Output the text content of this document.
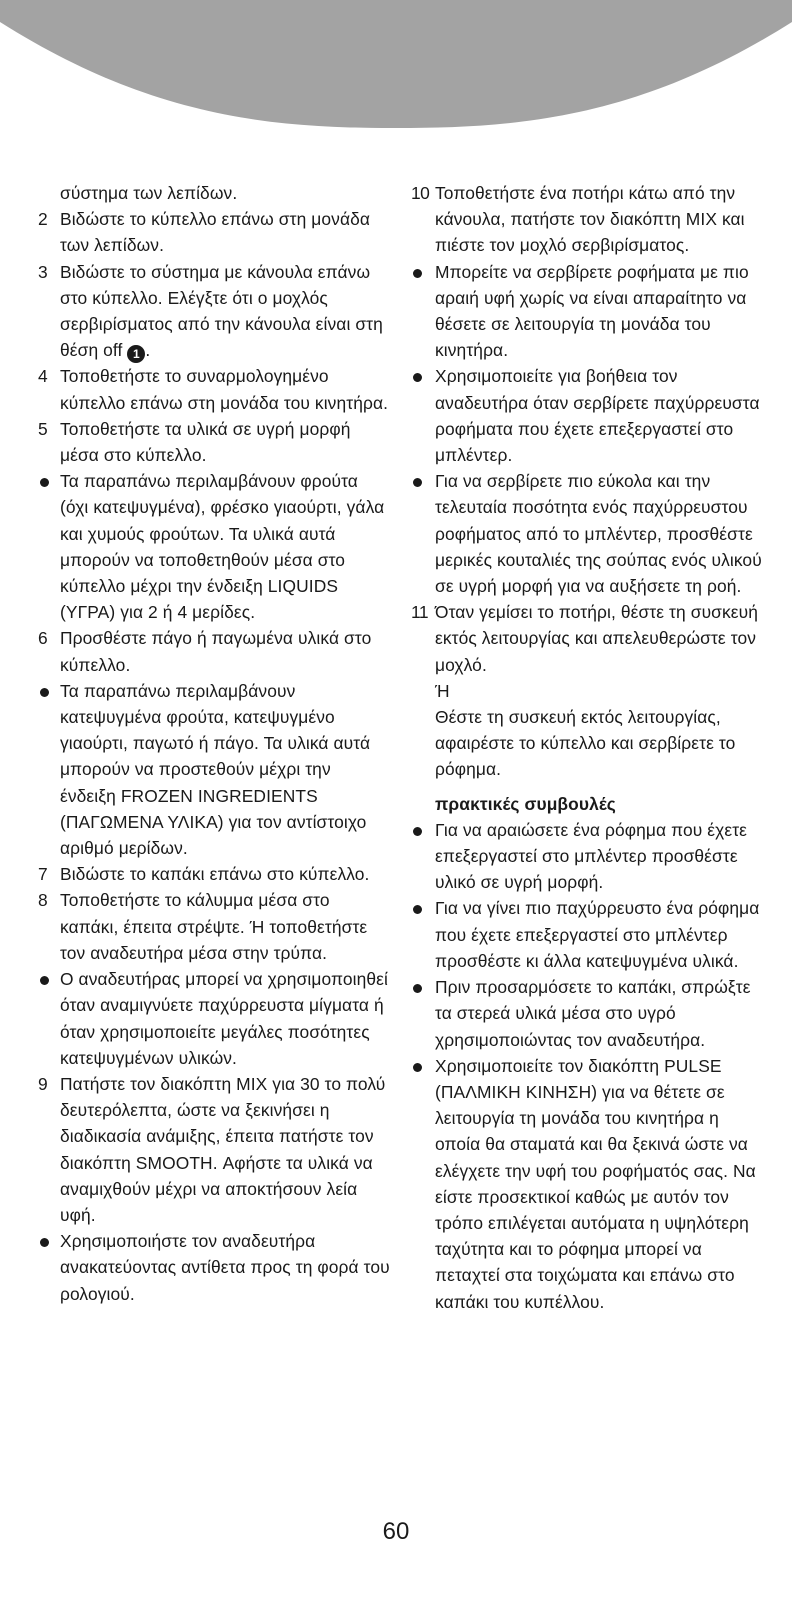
σύστημα των λεπίδων.
2 Βιδώστε το κύπελλο επάνω στη μονάδα των λεπίδων.
3 Βιδώστε το σύστημα με κάνουλα επάνω στο κύπελλο. Ελέγξτε ότι ο μοχλός σερβιρίσματος από την κάνουλα είναι στη θέση off 1 .
4 Τοποθετήστε το συναρμολογημένο κύπελλο επάνω στη μονάδα του κινητήρα.
5 Τοποθετήστε τα υλικά σε υγρή μορφή μέσα στο κύπελλο.
Τα παραπάνω περιλαμβάνουν φρούτα (όχι κατεψυγμένα), φρέσκο γιαούρτι, γάλα και χυμούς φρούτων. Τα υλικά αυτά μπορούν να τοποθετηθούν μέσα στο κύπελλο μέχρι την ένδειξη LIQUIDS (ΥΓΡΑ) για 2 ή 4 μερίδες.
6 Προσθέστε πάγο ή παγωμένα υλικά στο κύπελλο.
Τα παραπάνω περιλαμβάνουν κατεψυγμένα φρούτα, κατεψυγμένο γιαούρτι, παγωτό ή πάγο. Τα υλικά αυτά μπορούν να προστεθούν μέχρι την ένδειξη FROZEN INGREDIENTS (ΠΑΓΩΜΕΝΑ ΥΛΙΚΑ) για τον αντίστοιχο αριθμό μερίδων.
7 Βιδώστε το καπάκι επάνω στο κύπελλο.
8 Τοποθετήστε το κάλυμμα μέσα στο καπάκι, έπειτα στρέψτε. Ή τοποθετήστε τον αναδευτήρα μέσα στην τρύπα.
Ο αναδευτήρας μπορεί να χρησιμοποιηθεί όταν αναμιγνύετε παχύρρευστα μίγματα ή όταν χρησιμοποιείτε μεγάλες ποσότητες κατεψυγμένων υλικών.
9 Πατήστε τον διακόπτη MIX για 30 το πολύ δευτερόλεπτα, ώστε να ξεκινήσει η διαδικασία ανάμιξης, έπειτα πατήστε τον διακόπτη SMOOTH. Αφήστε τα υλικά να αναμιχθούν μέχρι να αποκτήσουν λεία υφή.
Χρησιμοποιήστε τον αναδευτήρα ανακατεύοντας αντίθετα προς τη φορά του ρολογιού.
10 Τοποθετήστε ένα ποτήρι κάτω από την κάνουλα, πατήστε τον διακόπτη MIX και πιέστε τον μοχλό σερβιρίσματος.
Μπορείτε να σερβίρετε ροφήματα με πιο αραιή υφή χωρίς να είναι απαραίτητο να θέσετε σε λειτουργία τη μονάδα του κινητήρα.
Χρησιμοποιείτε για βοήθεια τον αναδευτήρα όταν σερβίρετε παχύρρευστα ροφήματα που έχετε επεξεργαστεί στο μπλέντερ.
Για να σερβίρετε πιο εύκολα και την τελευταία ποσότητα ενός παχύρρευστου ροφήματος από το μπλέντερ, προσθέστε μερικές κουταλιές της σούπας ενός υλικού σε υγρή μορφή για να αυξήσετε τη ροή.
11 Όταν γεμίσει το ποτήρι, θέστε τη συσκευή εκτός λειτουργίας και απελευθερώστε τον μοχλό.
Ή
Θέστε τη συσκευή εκτός λειτουργίας, αφαιρέστε το κύπελλο και σερβίρετε το ρόφημα.
πρακτικές συμβουλές
Για να αραιώσετε ένα ρόφημα που έχετε επεξεργαστεί στο μπλέντερ προσθέστε υλικό σε υγρή μορφή.
Για να γίνει πιο παχύρρευστο ένα ρόφημα που έχετε επεξεργαστεί στο μπλέντερ προσθέστε κι άλλα κατεψυγμένα υλικά.
Πριν προσαρμόσετε το καπάκι, σπρώξτε τα στερεά υλικά μέσα στο υγρό χρησιμοποιώντας τον αναδευτήρα.
Χρησιμοποιείτε τον διακόπτη PULSE (ΠΑΛΜΙΚΗ ΚΙΝΗΣΗ) για να θέτετε σε λειτουργία τη μονάδα του κινητήρα η οποία θα σταματά και θα ξεκινά ώστε να ελέγχετε την υφή του ροφήματός σας. Να είστε προσεκτικοί καθώς με αυτόν τον τρόπο επιλέγεται αυτόματα η υψηλότερη ταχύτητα και το ρόφημα μπορεί να πεταχτεί στα τοιχώματα και επάνω στο καπάκι του κυπέλλου.
60
